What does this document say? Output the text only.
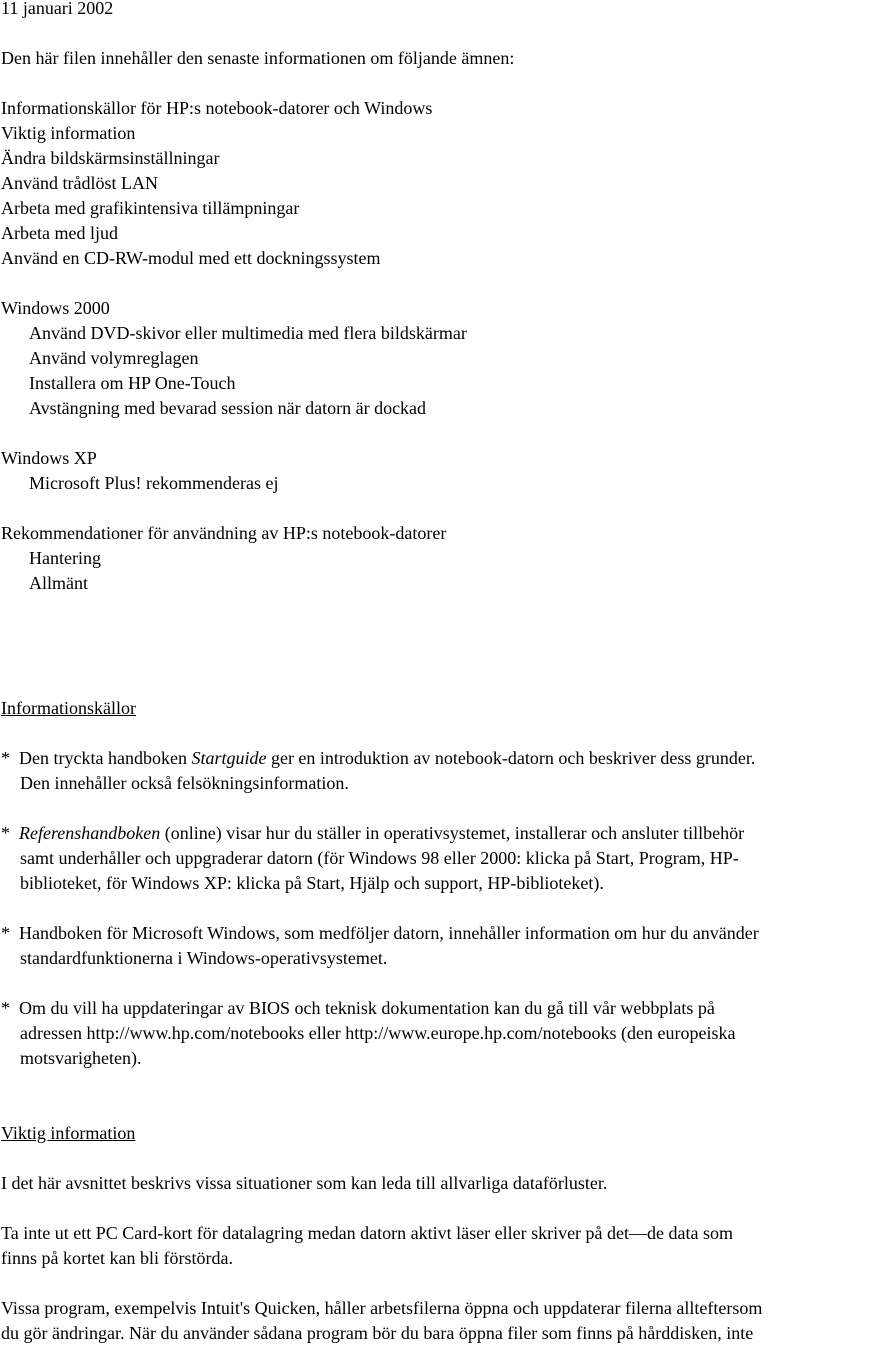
11 januari 2002
Den här filen innehåller den senaste informationen om följande ämnen:
Informationskällor för HP:s notebook-datorer och Windows
Viktig information
Ändra bildskärmsinställningar
Använd trådlöst LAN
Arbeta med grafikintensiva tillämpningar
Arbeta med ljud
Använd en CD-RW-modul med ett dockningssystem
Windows 2000
Använd DVD-skivor eller multimedia med flera bildskärmar
Använd volymreglagen
Installera om HP One-Touch
Avstängning med bevarad session när datorn är dockad
Windows XP
Microsoft Plus! rekommenderas ej
Rekommendationer för användning av HP:s notebook-datorer
Hantering
Allmänt
Informationskällor
* Den tryckta handboken Startguide ger en introduktion av notebook-datorn och beskriver dess grunder.
Den innehåller också felsökningsinformation.
* Referenshandboken (online) visar hur du ställer in operativsystemet, installerar och ansluter tillbehör
samt underhåller och uppgraderar datorn (för Windows 98 eller 2000: klicka på Start, Program, HP-
biblioteket, för Windows XP: klicka på Start, Hjälp och support, HP-biblioteket).
* Handboken för Microsoft Windows, som medföljer datorn, innehåller information om hur du använder
standardfunktionerna i Windows-operativsystemet.
* Om du vill ha uppdateringar av BIOS och teknisk dokumentation kan du gå till vår webbplats på
adressen http://www.hp.com/notebooks eller http://www.europe.hp.com/notebooks (den europeiska
motsvarigheten).
Viktig information
I det här avsnittet beskrivs vissa situationer som kan leda till allvarliga dataförluster.
Ta inte ut ett PC Card-kort för datalagring medan datorn aktivt läser eller skriver på det—de data som
finns på kortet kan bli förstörda.
Vissa program, exempelvis Intuit's Quicken, håller arbetsfilerna öppna och uppdaterar filerna allteftersom
du gör ändringar. När du använder sådana program bör du bara öppna filer som finns på hårddisken, inte
